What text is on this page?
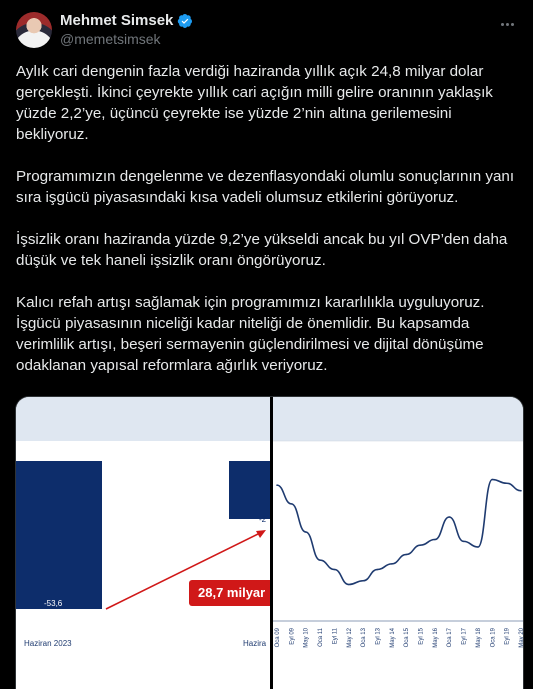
Mehmet Simsek
@memetsimsek

Aylık cari dengenin fazla verdiği haziranda yıllık açık 24,8 milyar dolar gerçekleşti. İkinci çeyrekte yıllık cari açığın milli gelire oranının yaklaşık yüzde 2,2’ye, üçüncü çeyrekte ise yüzde 2’nin altına gerilemesini bekliyoruz.

Programımızın dengelenme ve dezenflasyondaki olumlu sonuçlarının yanı sıra işgücü piyasasındaki kısa vadeli olumsuz etkilerini görüyoruz.

İşsizlik oranı haziranda yüzde 9,2’ye yükseldi ancak bu yıl OVP’den daha düşük ve tek haneli işsizlik oranı öngörüyoruz.

Kalıcı refah artışı sağlamak için programımızı kararlılıkla uyguluyoruz. İşgücü piyasasının niceliği kadar niteliği de önemlidir. Bu kapsamda verimlilik artışı, beşeri sermayenin güçlendirilmesi ve dijital dönüşüme odaklanan yapısal reformlara ağırlık veriyoruz.

-53,6
-2
28,7 milyar
Haziran 2023	Hazira Oca 09 Eyl 09 May 10 Oca 11 Eyl 11 May 12 Oca 13 Eyl 13 May 14 Oca 15 Eyl 15 May 16 Oca 17 Eyl 17 May 18 Oca 19 Eyl 19 May 20
